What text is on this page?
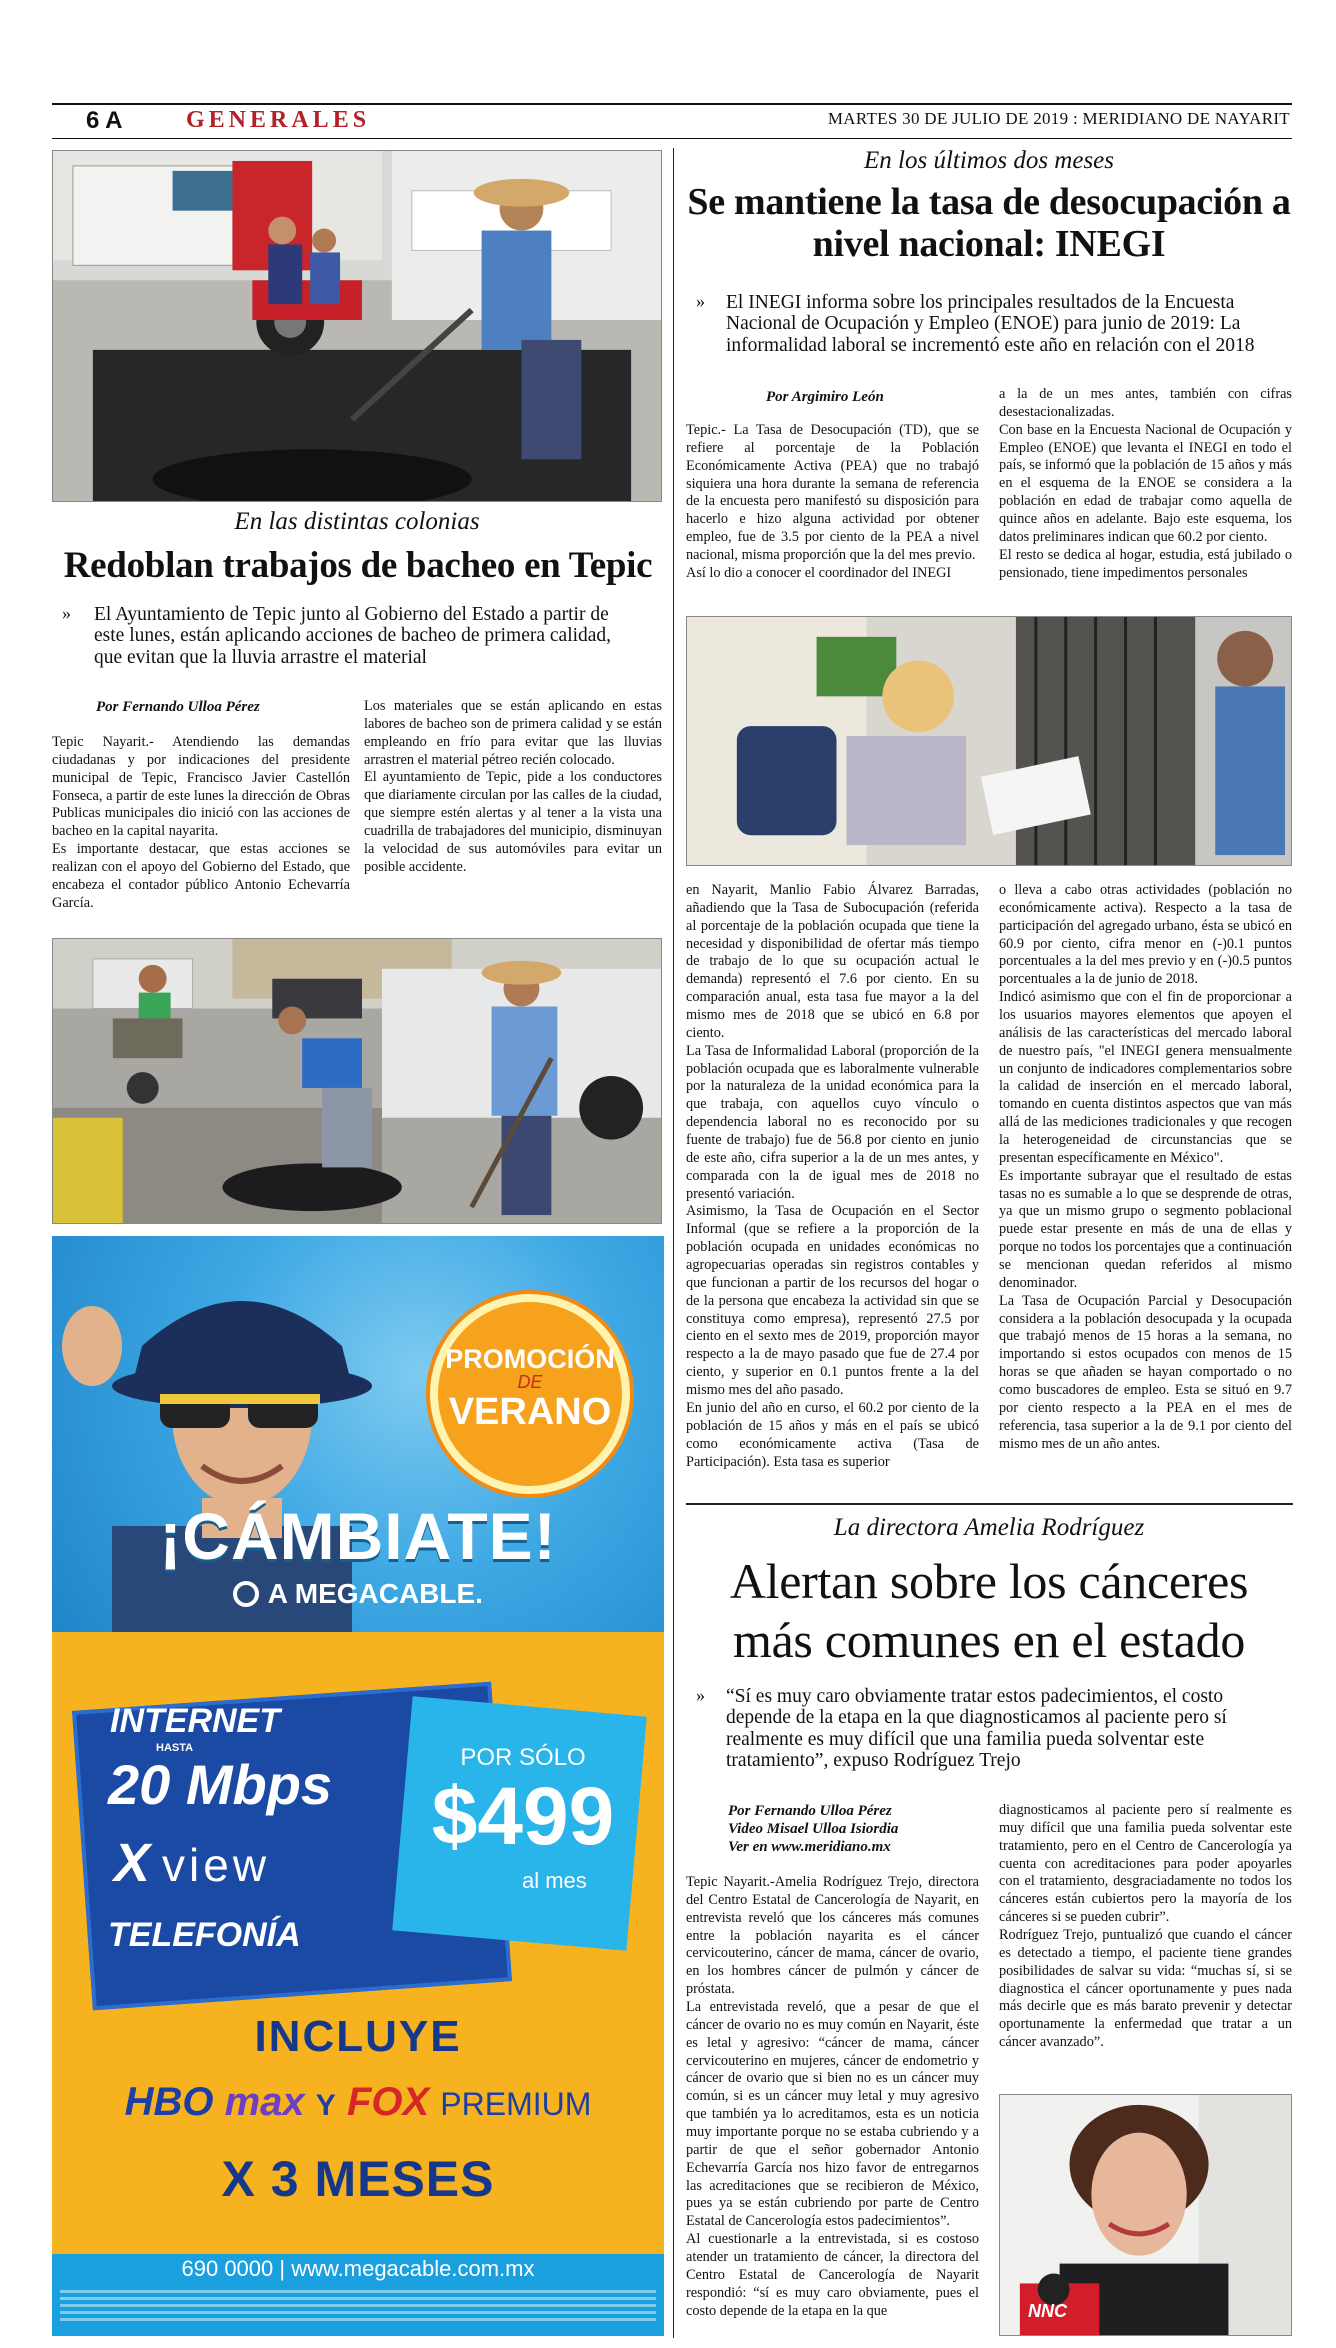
6 A	GENERALES	MARTES 30 DE JULIO DE 2019 : MERIDIANO DE NAYARIT
En las distintas colonias
Redoblan trabajos de bacheo en Tepic
»	El Ayuntamiento de Tepic junto al Gobierno del Estado a partir de este lunes, están aplicando acciones de bacheo de primera calidad, que evitan que la lluvia arrastre el material
Por Fernando Ulloa Pérez

Tepic Nayarit.- Atendiendo las demandas ciudadanas y por indicaciones del presidente municipal de Tepic, Francisco Javier Castellón Fonseca, a partir de este lunes la dirección de Obras Publicas municipales dio inició con las acciones de bacheo en la capital nayarita.

Es importante destacar, que estas acciones se realizan con el apoyo del Gobierno del Estado, que encabeza el contador público Antonio Echevarría García.

Los materiales que se están aplicando en estas labores de bacheo son de primera calidad y se están empleando en frío para evitar que las lluvias arrastren el material pétreo recién colocado.

El ayuntamiento de Tepic, pide a los conductores que diariamente circulan por las calles de la ciudad, que siempre estén alertas y al tener a la vista una cuadrilla de trabajadores del municipio, disminuyan la velocidad de sus automóviles para evitar un posible accidente.

PROMOCIÓN
DE
VERANO
¡CÁMBIATE!
A MEGACABLE.
INTERNET
HASTA
20 Mbps
X view
TELEFONÍA
POR SÓLO
$499
al mes
INCLUYE
HBO max Y FOX PREMIUM
X 3 MESES
690 0000 | www.megacable.com.mx
En los últimos dos meses
Se mantiene la tasa de desocupación a nivel nacional: INEGI
»	El INEGI informa sobre los principales resultados de la Encuesta Nacional de Ocupación y Empleo (ENOE) para junio de 2019: La informalidad laboral se incrementó este año en relación con el 2018
Por Argimiro León

Tepic.- La Tasa de Desocupación (TD), que se refiere al porcentaje de la Población Económicamente Activa (PEA) que no trabajó siquiera una hora durante la semana de referencia de la encuesta pero manifestó su disposición para hacerlo e hizo alguna actividad por obtener empleo, fue de 3.5 por ciento de la PEA a nivel nacional, misma proporción que la del mes previo.

Así lo dio a conocer el coordinador del INEGI

a la de un mes antes, también con cifras desestacionalizadas.

Con base en la Encuesta Nacional de Ocupación y Empleo (ENOE) que levanta el INEGI en todo el país, se informó que la población de 15 años y más en el esquema de la ENOE se considera a la población en edad de trabajar como aquella de quince años en adelante. Bajo este esquema, los datos preliminares indican que 60.2 por ciento.

El resto se dedica al hogar, estudia, está jubilado o pensionado, tiene impedimentos personales

en Nayarit, Manlio Fabio Álvarez Barradas, añadiendo que la Tasa de Subocupación (referida al porcentaje de la población ocupada que tiene la necesidad y disponibilidad de ofertar más tiempo de trabajo de lo que su ocupación actual le demanda) representó el 7.6 por ciento. En su comparación anual, esta tasa fue mayor a la del mismo mes de 2018 que se ubicó en 6.8 por ciento.

La Tasa de Informalidad Laboral (proporción de la población ocupada que es laboralmente vulnerable por la naturaleza de la unidad económica para la que trabaja, con aquellos cuyo vínculo o dependencia laboral no es reconocido por su fuente de trabajo) fue de 56.8 por ciento en junio de este año, cifra superior a la de un mes antes, y comparada con la de igual mes de 2018 no presentó variación.

Asimismo, la Tasa de Ocupación en el Sector Informal (que se refiere a la proporción de la población ocupada en unidades económicas no agropecuarias operadas sin registros contables y que funcionan a partir de los recursos del hogar o de la persona que encabeza la actividad sin que se constituya como empresa), representó 27.5 por ciento en el sexto mes de 2019, proporción mayor respecto a la de mayo pasado que fue de 27.4 por ciento, y superior en 0.1 puntos frente a la del mismo mes del año pasado.

En junio del año en curso, el 60.2 por ciento de la población de 15 años y más en el país se ubicó como económicamente activa (Tasa de Participación). Esta tasa es superior

o lleva a cabo otras actividades (población no económicamente activa). Respecto a la tasa de participación del agregado urbano, ésta se ubicó en 60.9 por ciento, cifra menor en (-)0.1 puntos porcentuales a la del mes previo y en (-)0.5 puntos porcentuales a la de junio de 2018.

Indicó asimismo que con el fin de proporcionar a los usuarios mayores elementos que apoyen el análisis de las características del mercado laboral de nuestro país, "el INEGI genera mensualmente un conjunto de indicadores complementarios sobre la calidad de inserción en el mercado laboral, tomando en cuenta distintos aspectos que van más allá de las mediciones tradicionales y que recogen la heterogeneidad de circunstancias que se presentan específicamente en México".

Es importante subrayar que el resultado de estas tasas no es sumable a lo que se desprende de otras, ya que un mismo grupo o segmento poblacional puede estar presente en más de una de ellas y porque no todos los porcentajes que a continuación se mencionan quedan referidos al mismo denominador.

La Tasa de Ocupación Parcial y Desocupación considera a la población desocupada y la ocupada que trabajó menos de 15 horas a la semana, no importando si estos ocupados con menos de 15 horas se que añaden se hayan comportado o no como buscadores de empleo. Esta se situó en 9.7 por ciento respecto a la PEA en el mes de referencia, tasa superior a la de 9.1 por ciento del mismo mes de un año antes.

La directora Amelia Rodríguez
Alertan sobre los cánceres más comunes en el estado
»	“Sí es muy caro obviamente tratar estos padecimientos, el costo depende de la etapa en la que diagnosticamos al paciente pero sí realmente es muy difícil que una familia pueda solventar este tratamiento”, expuso Rodríguez Trejo
Por Fernando Ulloa Pérez
Video Misael Ulloa Isiordia
Ver en www.meridiano.mx

Tepic Nayarit.-Amelia Rodríguez Trejo, directora del Centro Estatal de Cancerología de Nayarit, en entrevista reveló que los cánceres más comunes entre la población nayarita es el cáncer cervicouterino, cáncer de mama, cáncer de ovario, en los hombres cáncer de pulmón y cáncer de próstata.

La entrevistada reveló, que a pesar de que el cáncer de ovario no es muy común en Nayarit, éste es letal y agresivo: “cáncer de mama, cáncer cervicouterino en mujeres, cáncer de endometrio y cáncer de ovario que si bien no es un cáncer muy común, si es un cáncer muy letal y muy agresivo que también ya lo acreditamos, esta es un noticia muy importante porque no se estaba cubriendo y a partir de que el señor gobernador Antonio Echevarría García nos hizo favor de entregarnos las acreditaciones que se recibieron de México, pues ya se están cubriendo por parte de Centro Estatal de Cancerología estos padecimientos”.

Al cuestionarle a la entrevistada, si es costoso atender un tratamiento de cáncer, la directora del Centro Estatal de Cancerología de Nayarit respondió: “sí es muy caro obviamente, pues el costo depende de la etapa en la que

diagnosticamos al paciente pero sí realmente es muy difícil que una familia pueda solventar este tratamiento, pero en el Centro de Cancerología ya cuenta con acreditaciones para poder apoyarles con el tratamiento, desgraciadamente no todos los cánceres están cubiertos pero la mayoría de los cánceres si se pueden cubrir”.

Rodríguez Trejo, puntualizó que cuando el cáncer es detectado a tiempo, el paciente tiene grandes posibilidades de salvar su vida: “muchas sí, si se diagnostica el cáncer oportunamente y pues nada más decirle que es más barato prevenir y detectar oportunamente la enfermedad que tratar a un cáncer avanzado”.

NNC
